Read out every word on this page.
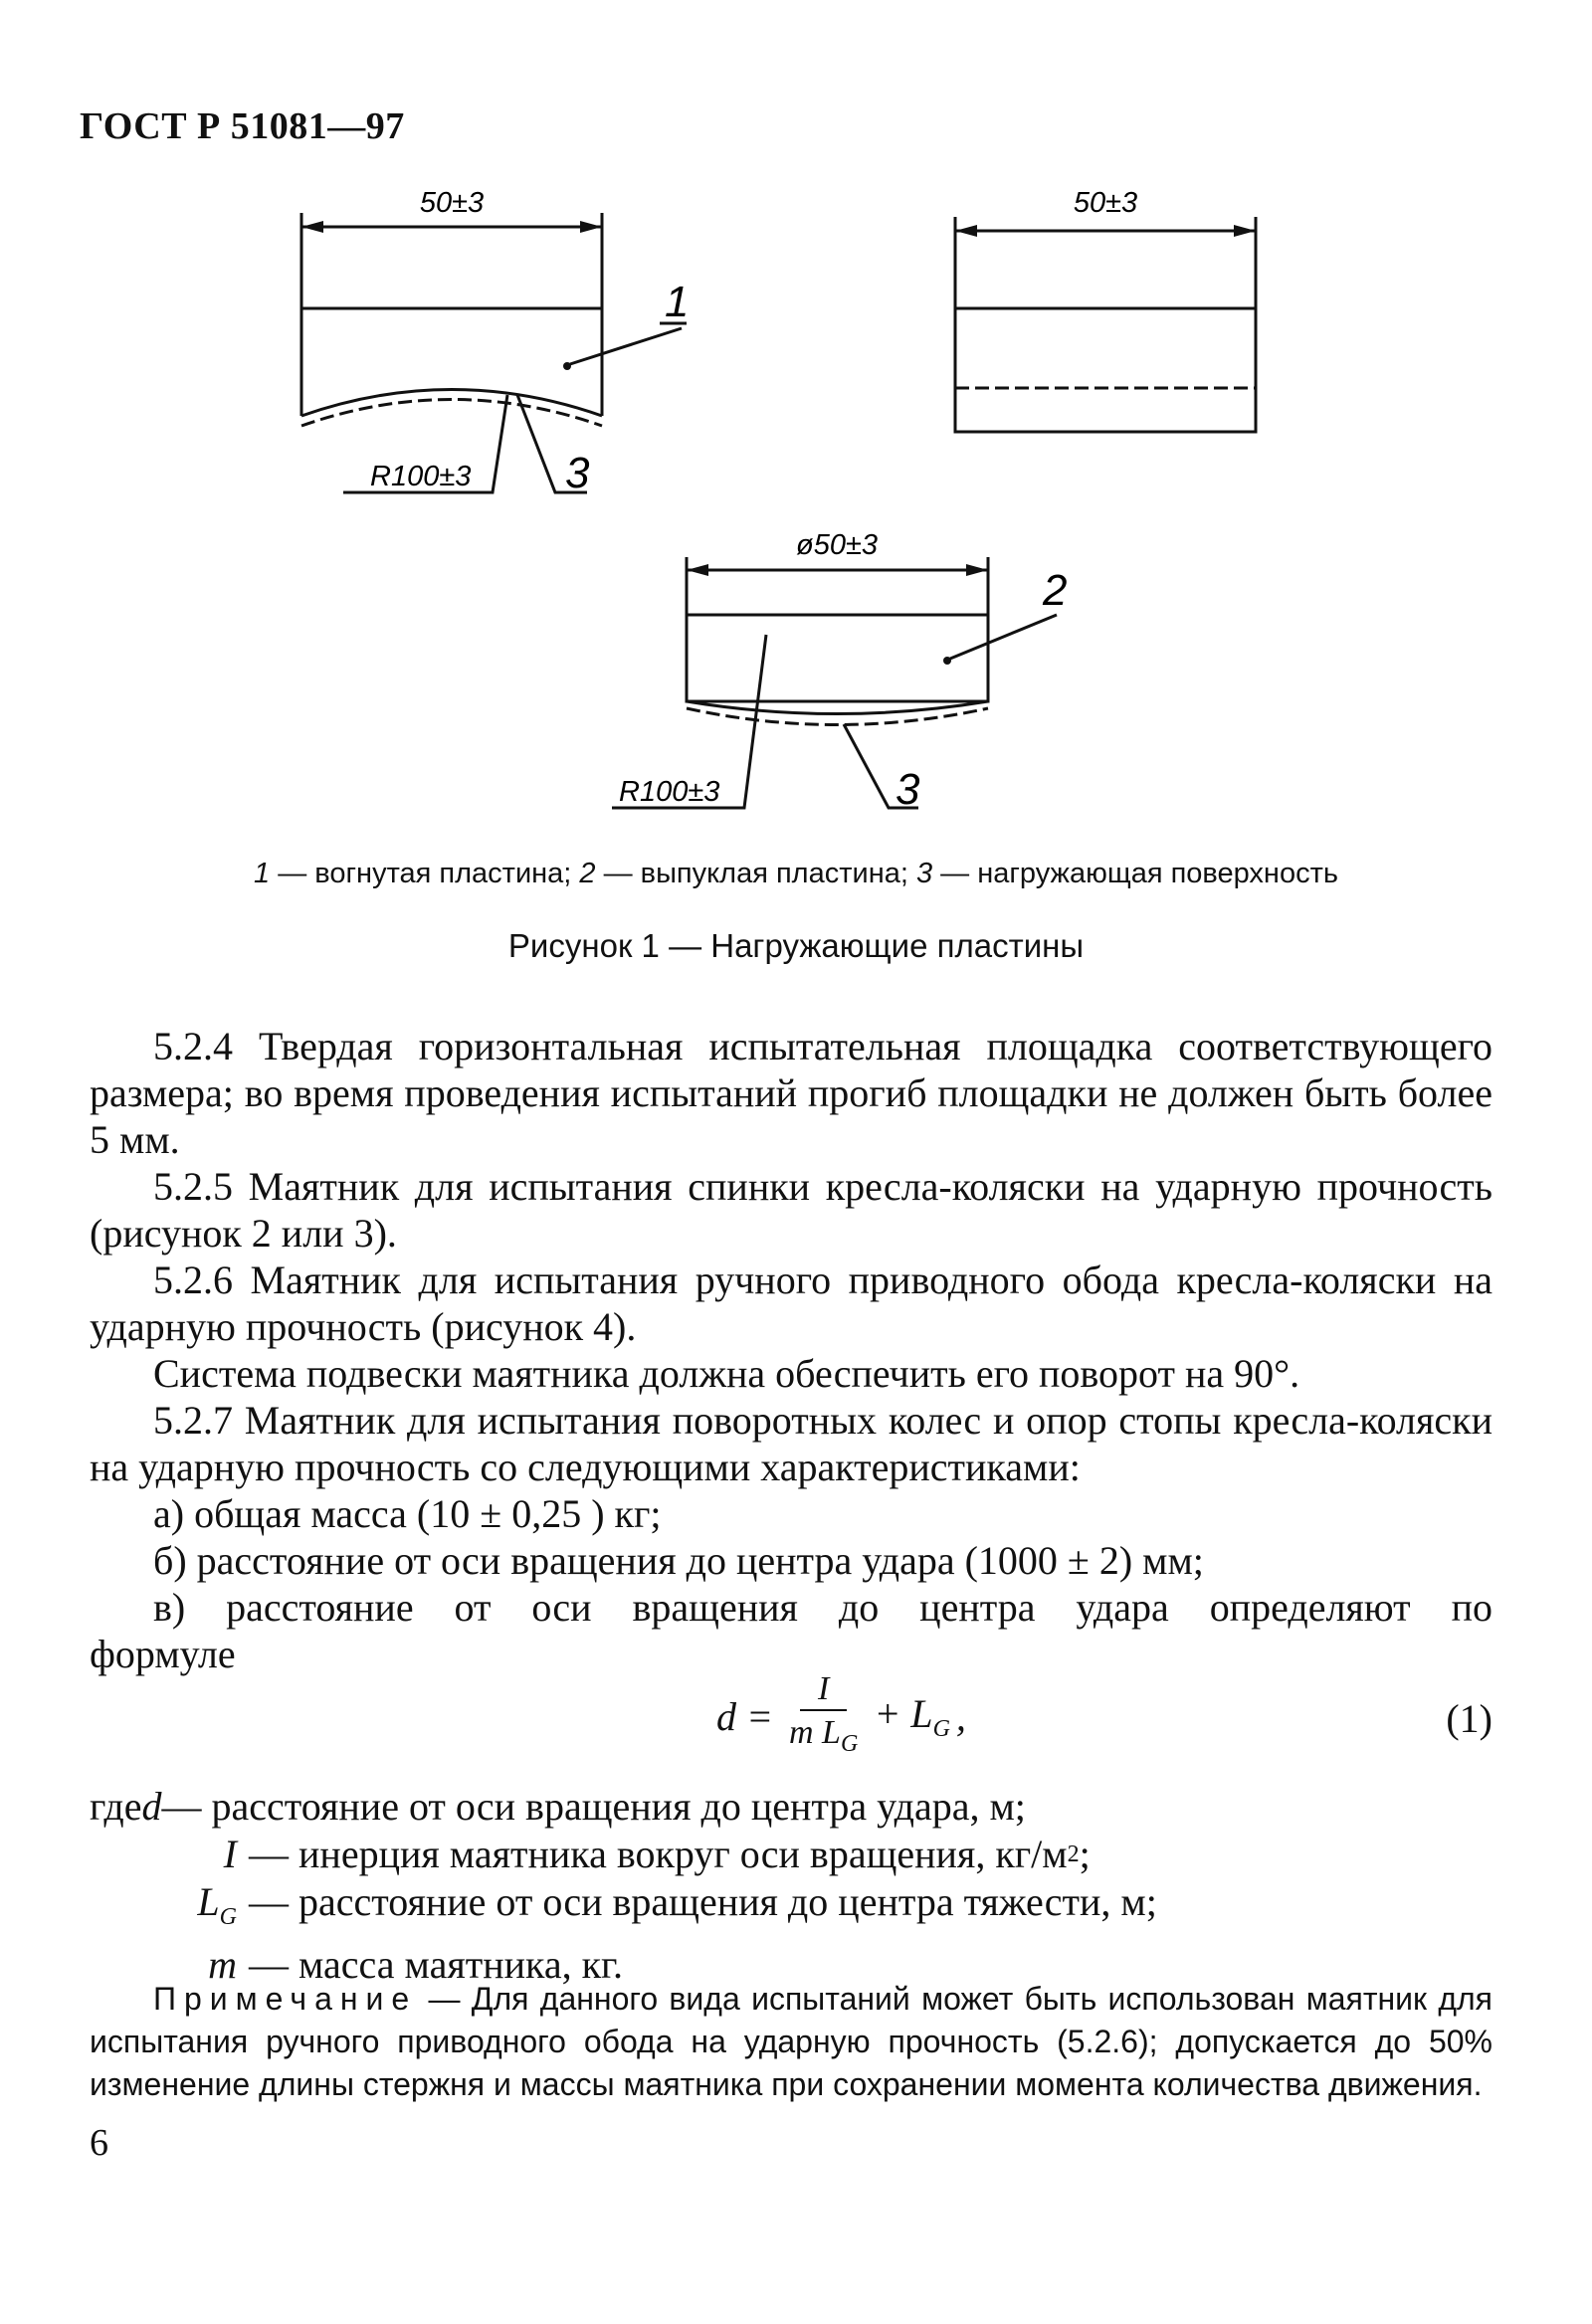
ГОСТ Р 51081—97
50±3	50±3
ø50±3
R100±3
R100±3
1
3
2
3
1 — вогнутая пластина; 2 — выпуклая пластина; 3 — нагружающая поверхность
Рисунок 1 — Нагружающие пластины

5.2.4 Твердая горизонтальная испытательная площадка соответствующего размера; во время проведения испытаний прогиб площадки не должен быть более 5 мм.

5.2.5 Маятник для испытания спинки кресла-коляски на ударную прочность (рисунок 2 или 3).

5.2.6 Маятник для испытания ручного приводного обода кресла-коляски на ударную прочность (рисунок 4).

Система подвески маятника должна обеспечить его поворот на 90°.

5.2.7 Маятник для испытания поворотных колес и опор стопы кресла-коляски на ударную прочность со следующими характеристиками:

а) общая масса (10 ± 0,25 ) кг;

б) расстояние от оси вращения до центра удара (1000 ± 2) мм;

в) расстояние от оси вращения до центра удара определяют по

формуле

$d = \frac{I}{m L_G} + L_G$ ,	(1)
где d — расстояние от оси вращения до центра удара, м;
I — инерция маятника вокруг оси вращения, кг/м 2 ;
$L_G$ — расстояние от оси вращения до центра тяжести, м;
m — масса маятника, кг.
Примечание — Для данного вида испытаний может быть использован маятник для испытания ручного приводного обода на ударную прочность (5.2.6); допускается до 50% изменение длины стержня и массы маятника при сохранении момента количества движения.
6
